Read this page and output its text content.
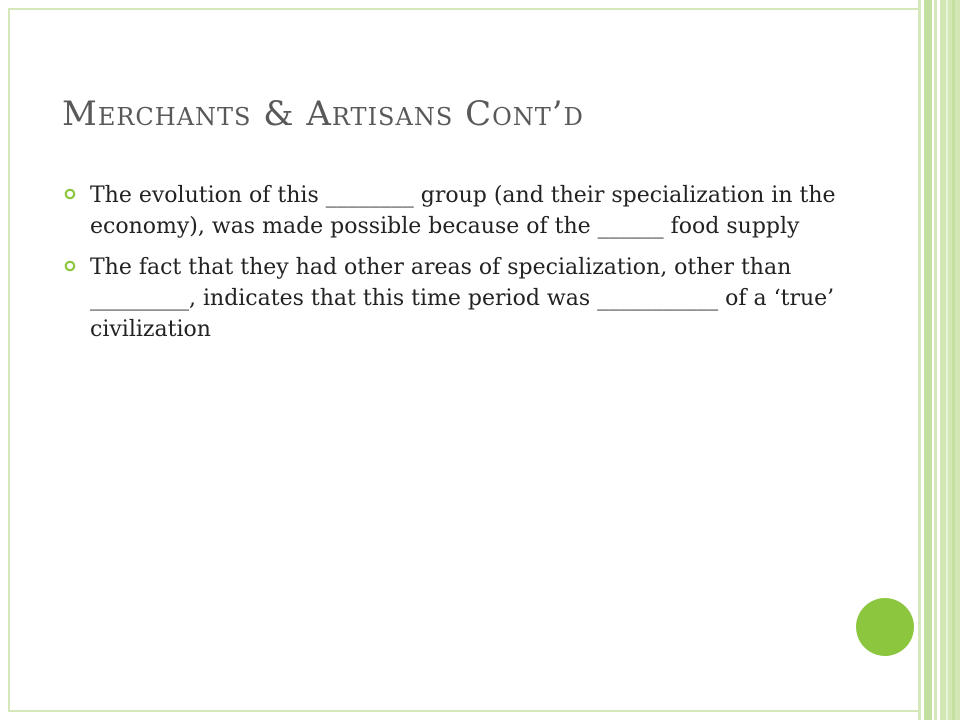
Merchants & Artisans Cont’d
The evolution of this ________ group (and their specialization in the economy), was made possible because of the ______ food supply
The fact that they had other areas of specialization, other than _________, indicates that this time period was ___________ of a ‘true’ civilization
